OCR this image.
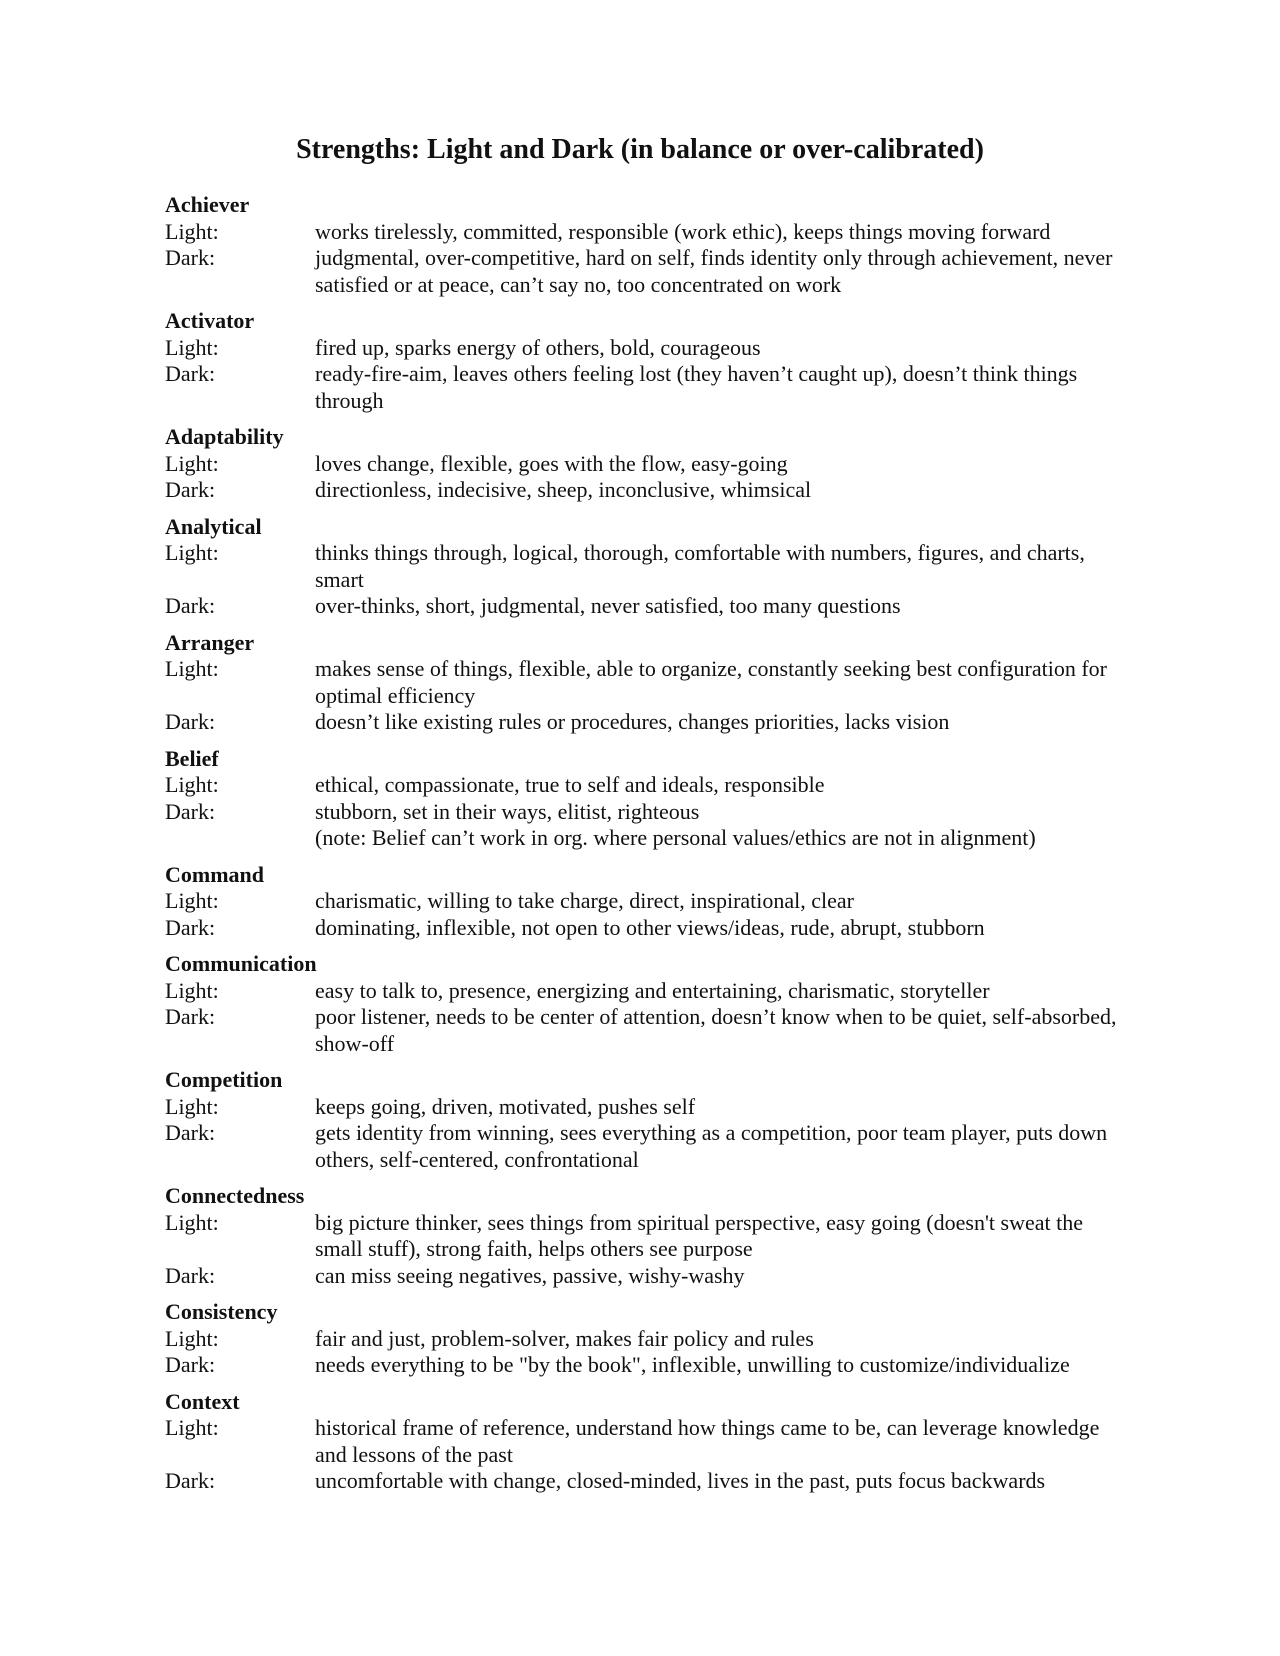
Strengths: Light and Dark (in balance or over-calibrated)
Achiever
Light:	works tirelessly, committed, responsible (work ethic), keeps things moving forward
Dark:	judgmental, over-competitive, hard on self, finds identity only through achievement, never satisfied or at peace, can’t say no, too concentrated on work
Activator
Light:	fired up, sparks energy of others, bold, courageous
Dark:	ready-fire-aim, leaves others feeling lost (they haven’t caught up), doesn’t think things through
Adaptability
Light:	loves change, flexible, goes with the flow, easy-going
Dark:	directionless, indecisive, sheep, inconclusive, whimsical
Analytical
Light:	thinks things through, logical, thorough, comfortable with numbers, figures, and charts, smart
Dark:	over-thinks, short, judgmental, never satisfied, too many questions
Arranger
Light:	makes sense of things, flexible, able to organize, constantly seeking best configuration for optimal efficiency
Dark:	doesn’t like existing rules or procedures, changes priorities, lacks vision
Belief
Light:	ethical, compassionate, true to self and ideals, responsible
Dark:	stubborn, set in their ways, elitist, righteous
(note: Belief can’t work in org. where personal values/ethics are not in alignment)
Command
Light:	charismatic, willing to take charge, direct, inspirational, clear
Dark:	dominating, inflexible, not open to other views/ideas, rude, abrupt, stubborn
Communication
Light:	easy to talk to, presence, energizing and entertaining, charismatic, storyteller
Dark:	poor listener, needs to be center of attention, doesn’t know when to be quiet, self-absorbed, show-off
Competition
Light:	keeps going, driven, motivated, pushes self
Dark:	gets identity from winning, sees everything as a competition, poor team player, puts down others, self-centered, confrontational
Connectedness
Light:	big picture thinker, sees things from spiritual perspective, easy going (doesn't sweat the small stuff), strong faith, helps others see purpose
Dark:	can miss seeing negatives, passive, wishy-washy
Consistency
Light:	fair and just, problem-solver, makes fair policy and rules
Dark:	needs everything to be "by the book", inflexible, unwilling to customize/individualize
Context
Light:	historical frame of reference, understand how things came to be, can leverage knowledge and lessons of the past
Dark:	uncomfortable with change, closed-minded, lives in the past, puts focus backwards
